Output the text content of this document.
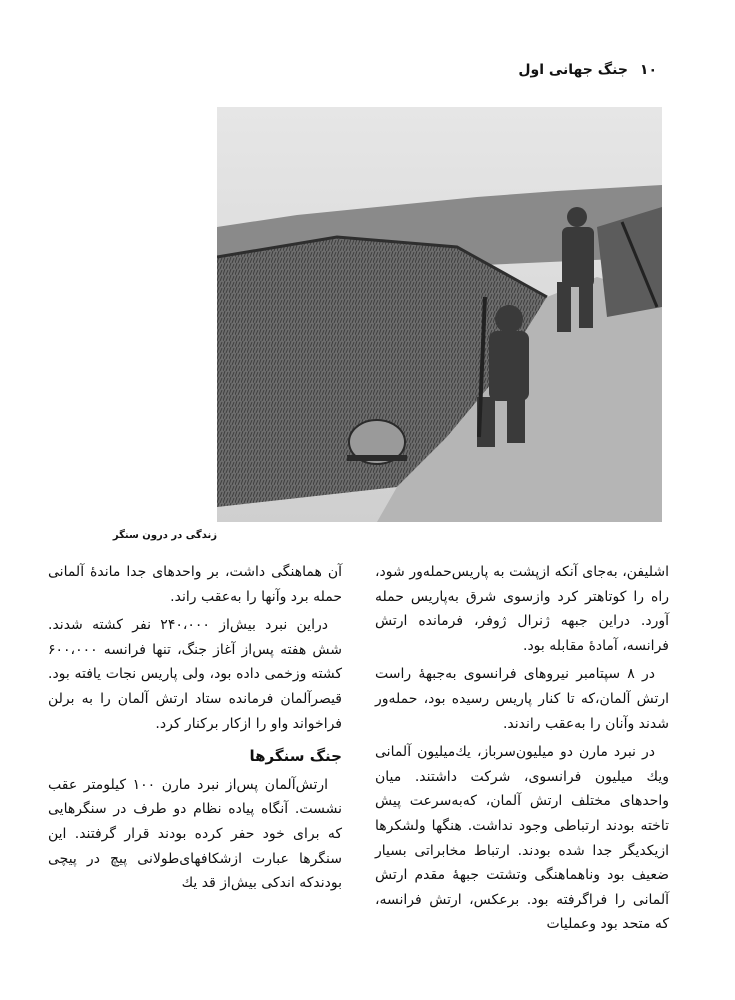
۱۰
جنگ جهانی اول
زندگی در درون سنگر

اشلیفن، به‌جای آنکه ازپشت به پاریس‌حمله‌ور شود، راه را کوتاهتر کرد وازسوی شرق به‌پاریس حمله آورد. دراین جبهه ژنرال ژوفر، فرمانده ارتش فرانسه، آمادهٔ مقابله بود.

در ۸ سپتامبر نیروهای فرانسوی به‌جبههٔ راست ارتش آلمان،که تا کنار پاریس رسیده بود، حمله‌ور شدند وآنان را به‌عقب راندند.

در نبرد مارن دو میلیون‌سرباز، یك‌میلیون آلمانی ویك میلیون فرانسوی، شرکت داشتند. میان واحدهای مختلف ارتش آلمان، که‌به‌سرعت پیش تاخته بودند ارتباطی وجود نداشت. هنگها ولشکرها ازیکدیگر جدا شده بودند. ارتباط مخابراتی بسیار ضعیف بود وناهماهنگی وتشتت جبههٔ مقدم ارتش آلمانی را فراگرفته بود. برعکس، ارتش فرانسه، که متحد بود وعملیات

آن هماهنگی داشت، بر واحدهای جدا ماندهٔ آلمانی حمله برد وآنها را به‌عقب راند.

دراین نبرد بیش‌از ۲۴۰،۰۰۰ نفر کشته شدند. شش هفته پس‌از آغاز جنگ، تنها فرانسه ۶۰۰،۰۰۰ کشته وزخمی داده بود، ولی پاریس نجات یافته بود. قیصرآلمان فرمانده ستاد ارتش آلمان را به برلن فراخواند واو را ازکار برکنار کرد.

جنگ سنگرها

ارتش‌آلمان پس‌از نبرد مارن ۱۰۰ کیلومتر عقب نشست. آنگاه پیاده نظام دو طرف در سنگرهایی که برای خود حفر کرده بودند قرار گرفتند. این سنگرها عبارت ازشکافهای‌طولانی پیچ در پیچی بودندکه اندکی بیش‌از قد یك
